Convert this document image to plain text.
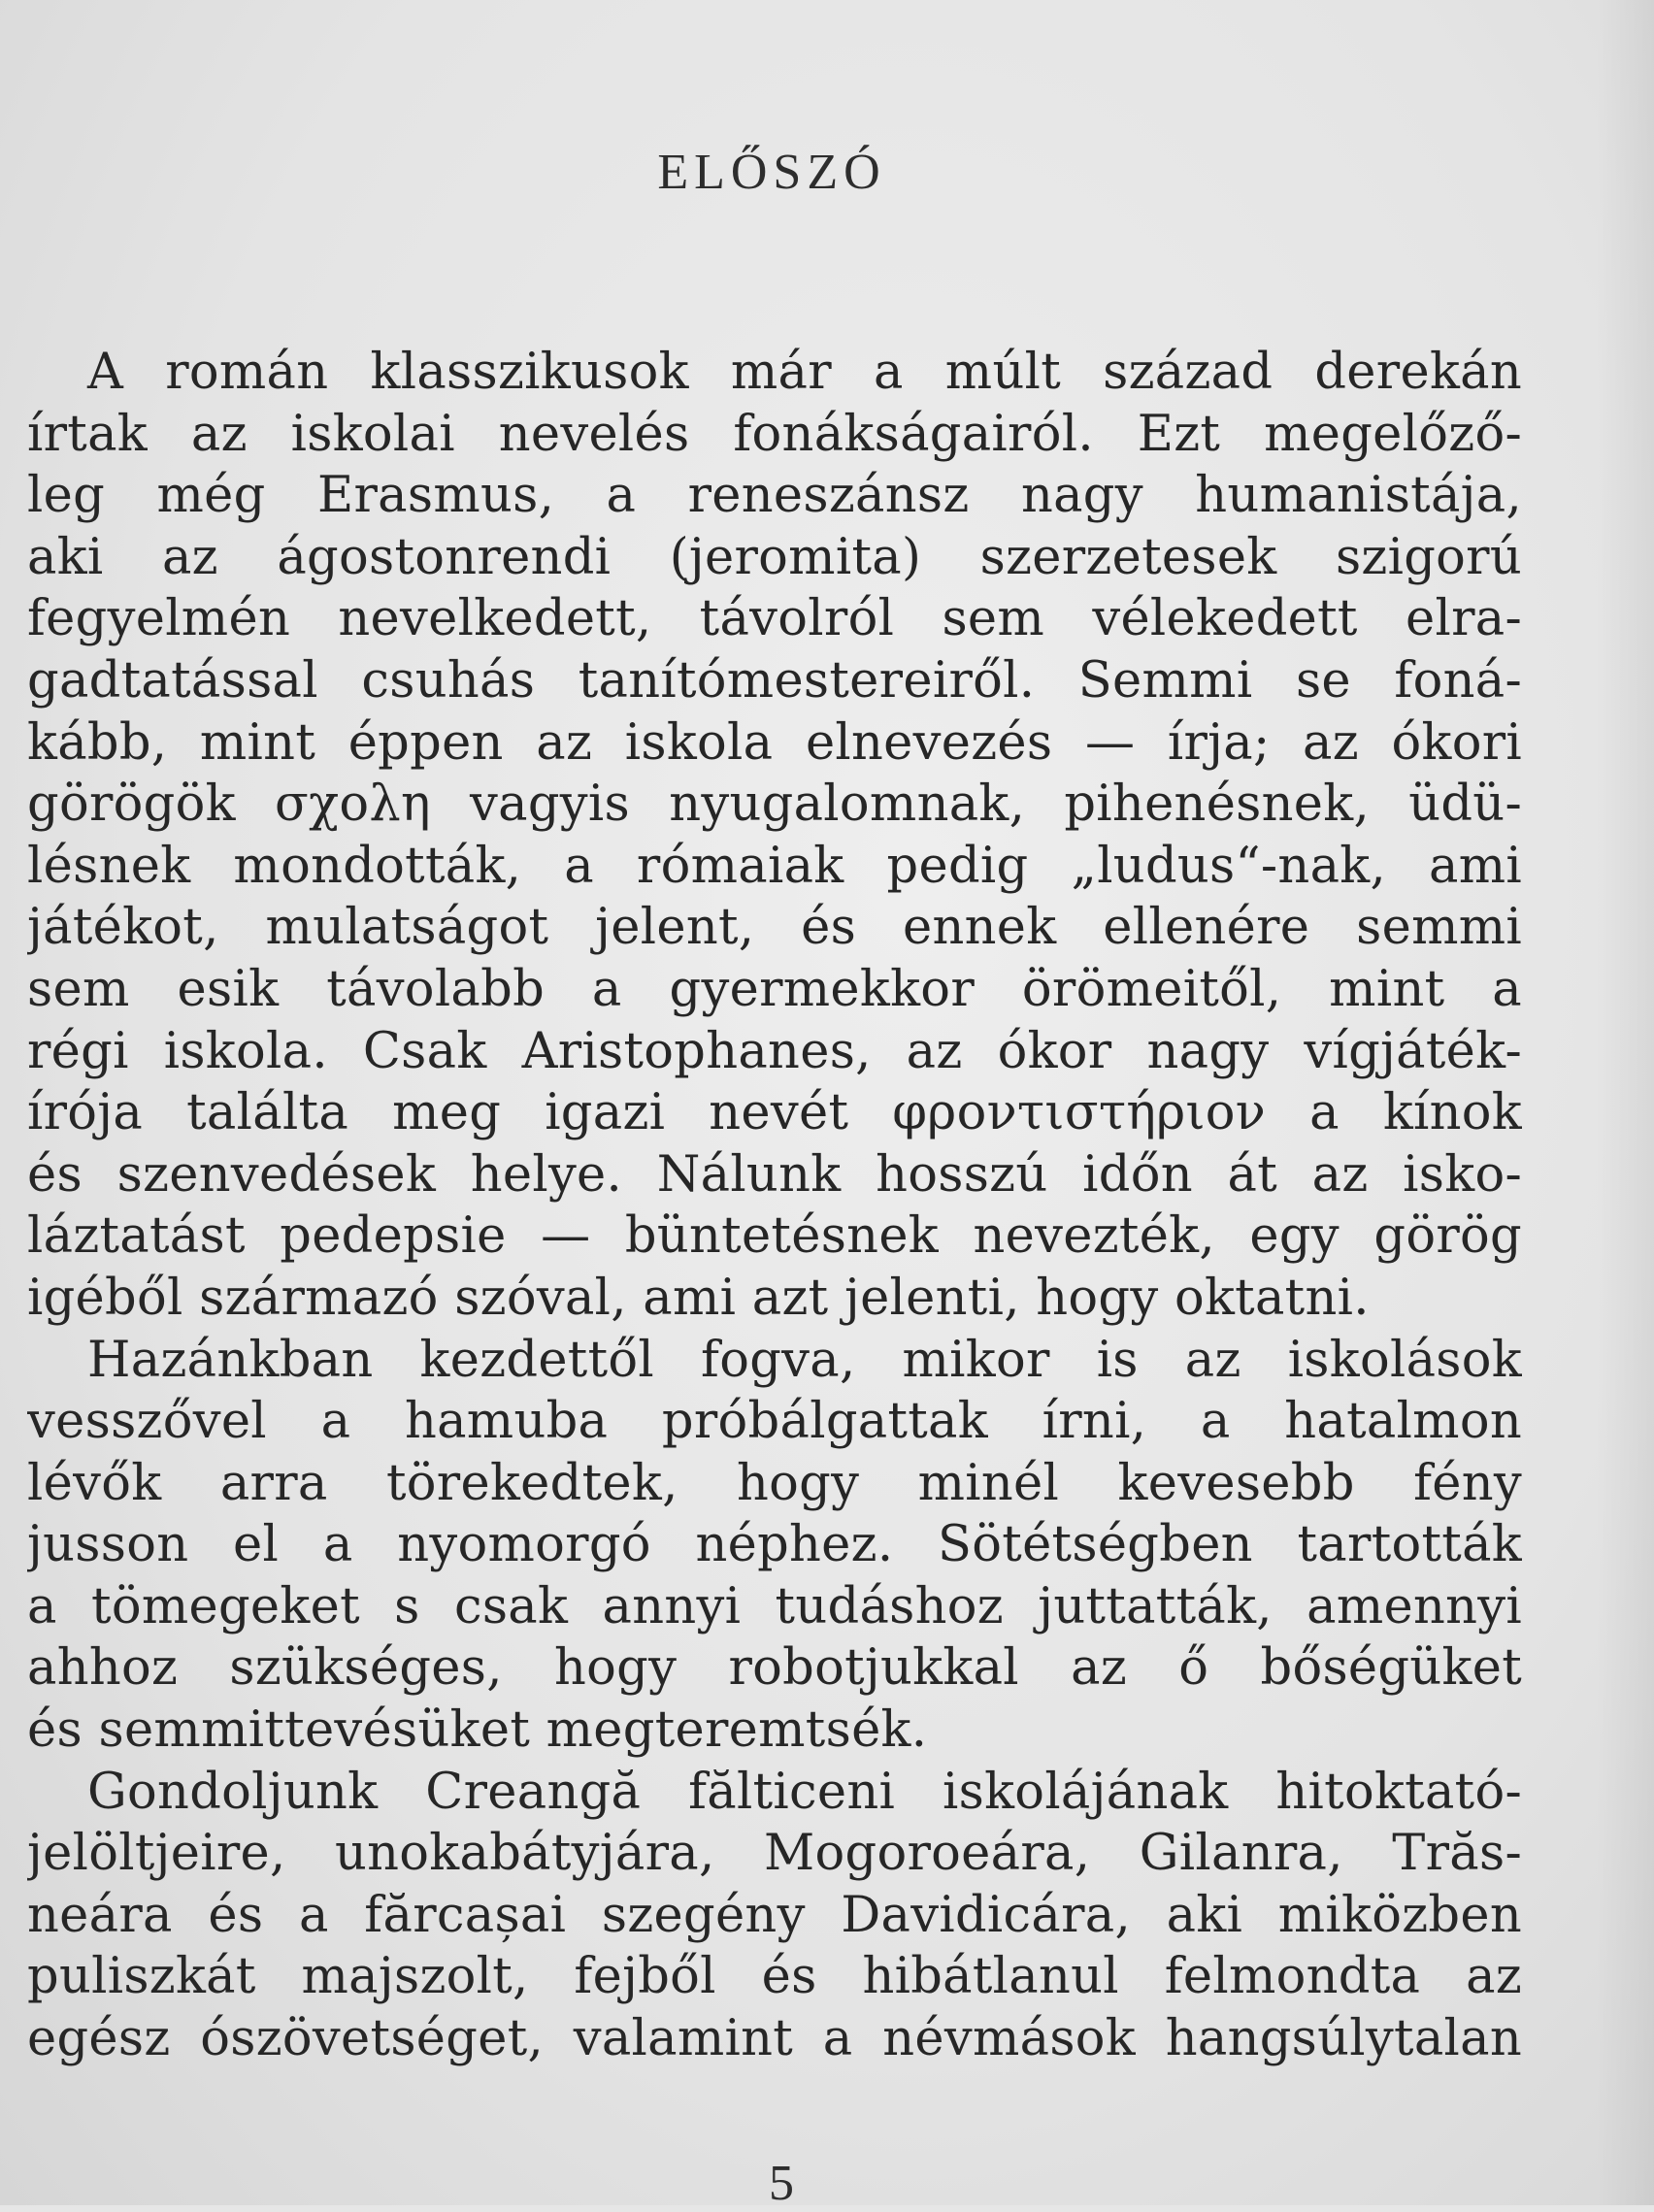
ELŐSZÓ
A román klasszikusok már a múlt század derekán
írtak az iskolai nevelés fonákságairól. Ezt megelőző-
leg még Erasmus, a reneszánsz nagy humanistája,
aki az ágostonrendi (jeromita) szerzetesek szigorú
fegyelmén nevelkedett, távolról sem vélekedett elra-
gadtatással csuhás tanítómestereiről. Semmi se foná-
kább, mint éppen az iskola elnevezés — írja; az ókori
görögök σχολη vagyis nyugalomnak, pihenésnek, üdü-
lésnek mondották, a rómaiak pedig „ludus“-nak, ami
játékot, mulatságot jelent, és ennek ellenére semmi
sem esik távolabb a gyermekkor örömeitől, mint a
régi iskola. Csak Aristophanes, az ókor nagy vígjáték-
írója találta meg igazi nevét φροντιστήριον a kínok
és szenvedések helye. Nálunk hosszú időn át az isko-
láztatást pedepsie — büntetésnek nevezték, egy görög
igéből származó szóval, ami azt jelenti, hogy oktatni.
Hazánkban kezdettől fogva, mikor is az iskolások
vesszővel a hamuba próbálgattak írni, a hatalmon
lévők arra törekedtek, hogy minél kevesebb fény
jusson el a nyomorgó néphez. Sötétségben tartották
a tömegeket s csak annyi tudáshoz juttatták, amennyi
ahhoz szükséges, hogy robotjukkal az ő bőségüket
és semmittevésüket megteremtsék.
Gondoljunk Creangă fălticeni iskolájának hitoktató-
jelöltjeire, unokabátyjára, Mogoroeára, Gilanra, Trăs-
neára és a fărcașai szegény Davidicára, aki miközben
puliszkát majszolt, fejből és hibátlanul felmondta az
egész ószövetséget, valamint a névmások hangsúlytalan
5
